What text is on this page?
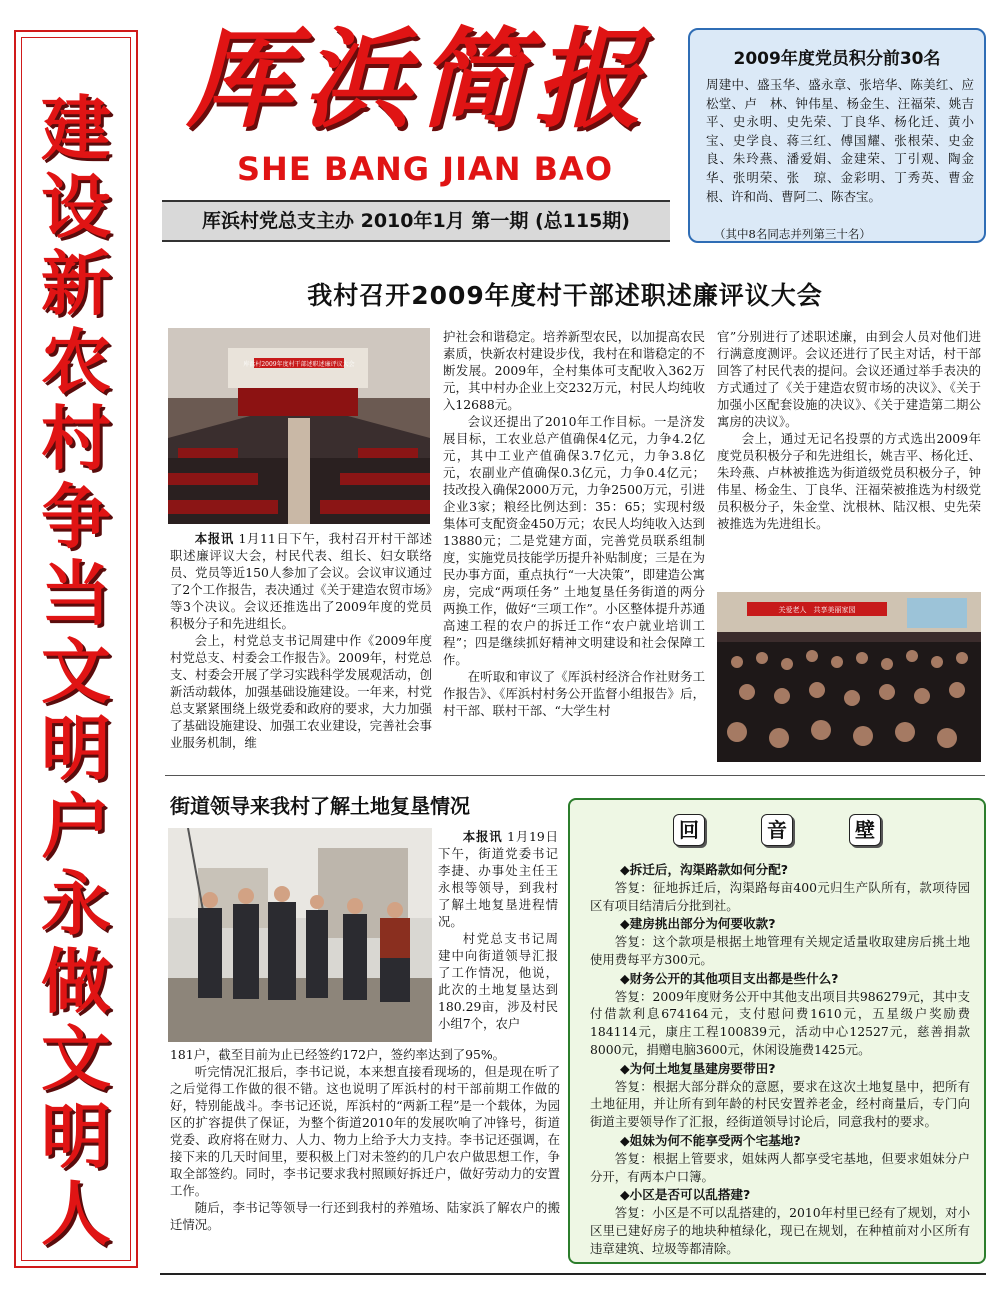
建
设
新
农
村
争
当
文
明
户
永
做
文
明
人
厍浜简报
SHE BANG JIAN BAO
厍浜村党总支主办 2010年1月 第一期 (总115期)
2009年度党员积分前30名
周建中、盛玉华、盛永章、张培华、陈美红、应松堂、卢　林、钟伟星、杨金生、汪福荣、姚吉平、史永明、史先荣、丁良华、杨化迁、黄小宝、史学良、蒋三红、傅国耀、张根荣、史金良、朱玲燕、潘爱娟、金建荣、丁引观、陶金华、张明荣、张　琼、金彩明、丁秀英、曹金根、许和尚、曹阿二、陈杏宝。
（其中8名同志并列第三十名）
我村召开2009年度村干部述职述廉评议大会
库浜村2009年度村干部述职述廉评议大会

本报讯 1月11日下午，我村召开村干部述职述廉评议大会，村民代表、组长、妇女联络员、党员等近150人参加了会议。会议审议通过了2个工作报告，表决通过《关于建造农贸市场》等3个决议。会议还推选出了2009年度的党员积极分子和先进组长。

会上，村党总支书记周建中作《2009年度村党总支、村委会工作报告》。2009年，村党总支、村委会开展了学习实践科学发展观活动，创新活动载体，加强基础设施建设。一年来，村党总支紧紧围绕上级党委和政府的要求，大力加强了基础设施建设、加强工农业建设，完善社会事业服务机制，维

护社会和谐稳定。培养新型农民，以加提高农民素质，快新农村建设步伐，我村在和谐稳定的不断发展。2009年，全村集体可支配收入362万元，其中村办企业上交232万元，村民人均纯收入12688元。

会议还提出了2010年工作目标。一是济发展目标，工农业总产值确保4亿元，力争4.2亿元，其中工业产值确保3.7亿元，力争3.8亿元，农副业产值确保0.3亿元，力争0.4亿元；技改投入确保2000万元，力争2500万元，引进企业3家；粮经比例达到：35：65；实现村级集体可支配资金450万元；农民人均纯收入达到13880元；二是党建方面，完善党员联系组制度，实施党员技能学历提升补贴制度；三是在为民办事方面，重点执行“一大决策”，即建造公寓房，完成“两项任务” 土地复垦任务街道的两分两换工作，做好“三项工作”。小区整体提升苏通高速工程的农户的拆迁工作“农户就业培训工程”；四是继续抓好精神文明建设和社会保障工作。

在听取和审议了《厍浜村经济合作社财务工作报告》、《厍浜村村务公开监督小组报告》后，村干部、联村干部、“大学生村

官”分别进行了述职述廉，由到会人员对他们进行满意度测评。会议还进行了民主对话，村干部回答了村民代表的提问。会议还通过举手表决的方式通过了《关于建造农贸市场的决议》、《关于加强小区配套设施的决议》、《关于建造第二期公寓房的决议》。

会上，通过无记名投票的方式选出2009年度党员积极分子和先进组长，姚吉平、杨化迁、朱玲燕、卢林被推选为街道级党员积极分子，钟伟星、杨金生、丁良华、汪福荣被推选为村级党员积极分子，朱金堂、沈根林、陆汉根、史先荣被推选为先进组长。

关爱老人　共享美丽家园
街道领导来我村了解土地复垦情况

本报讯 1月19日下午，街道党委书记李捷、办事处主任王永根等领导，到我村了解土地复垦进程情况。

村党总支书记周建中向街道领导汇报了工作情况，他说，此次的土地复垦达到180.29亩，涉及村民小组7个，农户

181户，截至目前为止已经签约172户，签约率达到了95%。

听完情况汇报后，李书记说，本来想直接看现场的，但是现在听了之后觉得工作做的很不错。这也说明了厍浜村的村干部前期工作做的好，特别能战斗。李书记还说，厍浜村的“两新工程”是一个载体，为园区的扩容提供了保证，为整个街道2010年的发展吹响了冲锋号，街道党委、政府将在财力、人力、物力上给予大力支持。李书记还强调，在接下来的几天时间里，要积极上门对未签约的几户农户做思想工作，争取全部签约。同时，李书记要求我村照顾好拆迁户，做好劳动力的安置工作。

随后，李书记等领导一行还到我村的养殖场、陆家浜了解农户的搬迁情况。

回	音	壁
◆拆迁后，沟渠路款如何分配?
答复：征地拆迁后，沟渠路每亩400元归生产队所有，款项待园区有项目结清后分批到社。
◆建房挑出部分为何要收款?
答复：这个款项是根据土地管理有关规定适量收取建房后挑土地使用费每平方300元。
◆财务公开的其他项目支出都是些什么?
答复：2009年度财务公开中其他支出项目共986279元，其中支付借款利息674164元，支付慰问费1610元，五星级户奖励费184114元，康庄工程100839元，活动中心12527元，慈善捐款8000元，捐赠电脑3600元，休闲设施费1425元。
◆为何土地复垦建房要带田?
答复：根据大部分群众的意愿，要求在这次土地复垦中，把所有土地征用，并让所有到年龄的村民安置养老金，经村商量后，专门向街道主要领导作了汇报，经街道领导讨论后，同意我村的要求。
◆姐妹为何不能享受两个宅基地?
答复：根据上管要求，姐妹两人都享受宅基地，但要求姐妹分户分开，有两本户口簿。
◆小区是否可以乱搭建?
答复：小区是不可以乱搭建的，2010年村里已经有了规划，对小区里已建好房子的地块种植绿化，现已在规划，在种植前对小区所有违章建筑、垃圾等都清除。
